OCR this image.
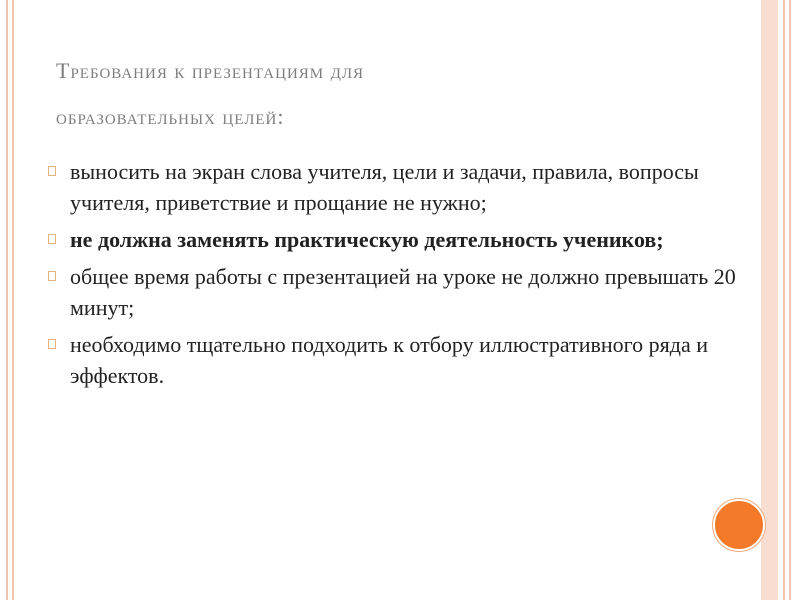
Требования к презентациям для
образовательных целей:
выносить на экран слова учителя, цели и задачи, правила, вопросы учителя, приветствие и прощание не нужно;
не должна заменять практическую деятельность учеников;
общее время работы с презентацией на уроке не должно превышать 20 минут;
необходимо тщательно подходить к отбору иллюстративного ряда и эффектов.
